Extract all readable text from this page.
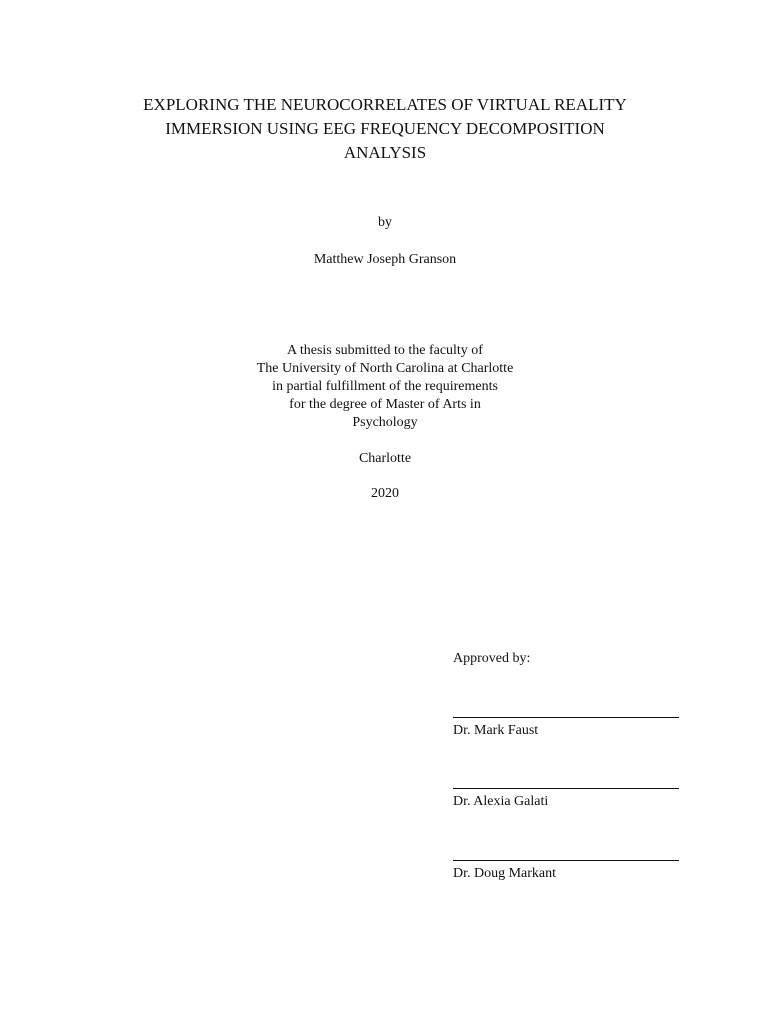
EXPLORING THE NEUROCORRELATES OF VIRTUAL REALITY
IMMERSION USING EEG FREQUENCY DECOMPOSITION
ANALYSIS
by
Matthew Joseph Granson
A thesis submitted to the faculty of
The University of North Carolina at Charlotte
in partial fulfillment of the requirements
for the degree of Master of Arts in
Psychology
Charlotte
2020
Approved by:
Dr. Mark Faust
Dr. Alexia Galati
Dr. Doug Markant
